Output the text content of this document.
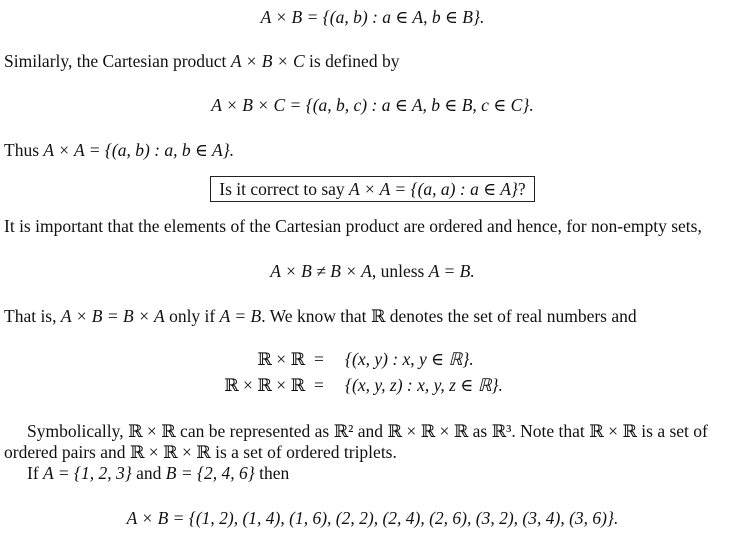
A × B = {(a, b) : a ∈ A, b ∈ B}.
Similarly, the Cartesian product A × B × C is defined by
A × B × C = {(a, b, c) : a ∈ A, b ∈ B, c ∈ C}.
Thus A × A = {(a, b) : a, b ∈ A}.
Is it correct to say A × A = {(a, a) : a ∈ A}?
It is important that the elements of the Cartesian product are ordered and hence, for non-empty sets,
A × B ≠ B × A, unless A = B.
That is, A × B = B × A only if A = B. We know that ℝ denotes the set of real numbers and
ℝ × ℝ = {(x, y) : x, y ∈ ℝ}.
ℝ × ℝ × ℝ = {(x, y, z) : x, y, z ∈ ℝ}.
Symbolically, ℝ × ℝ can be represented as ℝ² and ℝ × ℝ × ℝ as ℝ³. Note that ℝ × ℝ is a set of
ordered pairs and ℝ × ℝ × ℝ is a set of ordered triplets.
If A = {1, 2, 3} and B = {2, 4, 6} then
A × B = {(1, 2), (1, 4), (1, 6), (2, 2), (2, 4), (2, 6), (3, 2), (3, 4), (3, 6)}.
